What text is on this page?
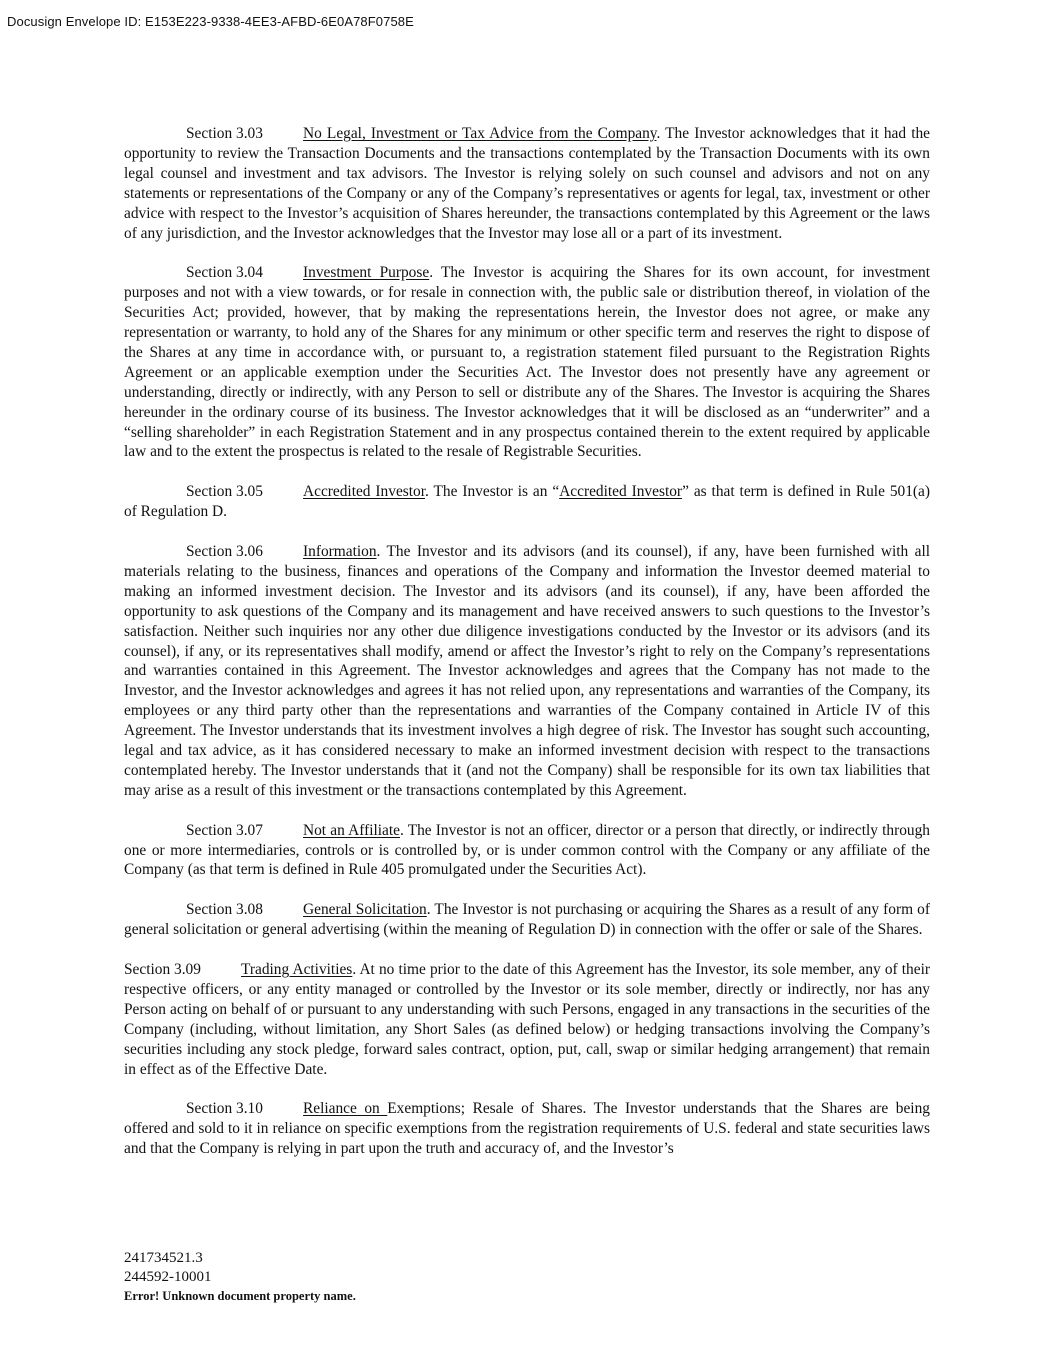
Docusign Envelope ID: E153E223-9338-4EE3-AFBD-6E0A78F0758E

Section 3.03	No Legal, Investment or Tax Advice from the Company. The Investor acknowledges that it had the opportunity to review the Transaction Documents and the transactions contemplated by the Transaction Documents with its own legal counsel and investment and tax advisors. The Investor is relying solely on such counsel and advisors and not on any statements or representations of the Company or any of the Company’s representatives or agents for legal, tax, investment or other advice with respect to the Investor’s acquisition of Shares hereunder, the transactions contemplated by this Agreement or the laws of any jurisdiction, and the Investor acknowledges that the Investor may lose all or a part of its investment.

Section 3.04	Investment Purpose. The Investor is acquiring the Shares for its own account, for investment purposes and not with a view towards, or for resale in connection with, the public sale or distribution thereof, in violation of the Securities Act; provided, however, that by making the representations herein, the Investor does not agree, or make any representation or warranty, to hold any of the Shares for any minimum or other specific term and reserves the right to dispose of the Shares at any time in accordance with, or pursuant to, a registration statement filed pursuant to the Registration Rights Agreement or an applicable exemption under the Securities Act. The Investor does not presently have any agreement or understanding, directly or indirectly, with any Person to sell or distribute any of the Shares. The Investor is acquiring the Shares hereunder in the ordinary course of its business. The Investor acknowledges that it will be disclosed as an “underwriter” and a “selling shareholder” in each Registration Statement and in any prospectus contained therein to the extent required by applicable law and to the extent the prospectus is related to the resale of Registrable Securities.

Section 3.05	Accredited Investor. The Investor is an “Accredited Investor” as that term is defined in Rule 501(a) of Regulation D.

Section 3.06	Information. The Investor and its advisors (and its counsel), if any, have been furnished with all materials relating to the business, finances and operations of the Company and information the Investor deemed material to making an informed investment decision. The Investor and its advisors (and its counsel), if any, have been afforded the opportunity to ask questions of the Company and its management and have received answers to such questions to the Investor’s satisfaction. Neither such inquiries nor any other due diligence investigations conducted by the Investor or its advisors (and its counsel), if any, or its representatives shall modify, amend or affect the Investor’s right to rely on the Company’s representations and warranties contained in this Agreement. The Investor acknowledges and agrees that the Company has not made to the Investor, and the Investor acknowledges and agrees it has not relied upon, any representations and warranties of the Company, its employees or any third party other than the representations and warranties of the Company contained in Article IV of this Agreement. The Investor understands that its investment involves a high degree of risk. The Investor has sought such accounting, legal and tax advice, as it has considered necessary to make an informed investment decision with respect to the transactions contemplated hereby. The Investor understands that it (and not the Company) shall be responsible for its own tax liabilities that may arise as a result of this investment or the transactions contemplated by this Agreement.

Section 3.07	Not an Affiliate. The Investor is not an officer, director or a person that directly, or indirectly through one or more intermediaries, controls or is controlled by, or is under common control with the Company or any affiliate of the Company (as that term is defined in Rule 405 promulgated under the Securities Act).

Section 3.08	General Solicitation. The Investor is not purchasing or acquiring the Shares as a result of any form of general solicitation or general advertising (within the meaning of Regulation D) in connection with the offer or sale of the Shares.

Section 3.09	Trading Activities. At no time prior to the date of this Agreement has the Investor, its sole member, any of their respective officers, or any entity managed or controlled by the Investor or its sole member, directly or indirectly, nor has any Person acting on behalf of or pursuant to any understanding with such Persons, engaged in any transactions in the securities of the Company (including, without limitation, any Short Sales (as defined below) or hedging transactions involving the Company’s securities including any stock pledge, forward sales contract, option, put, call, swap or similar hedging arrangement) that remain in effect as of the Effective Date.

Section 3.10	Reliance on Exemptions; Resale of Shares. The Investor understands that the Shares are being offered and sold to it in reliance on specific exemptions from the registration requirements of U.S. federal and state securities laws and that the Company is relying in part upon the truth and accuracy of, and the Investor’s

241734521.3
244592-10001
Error! Unknown document property name.
